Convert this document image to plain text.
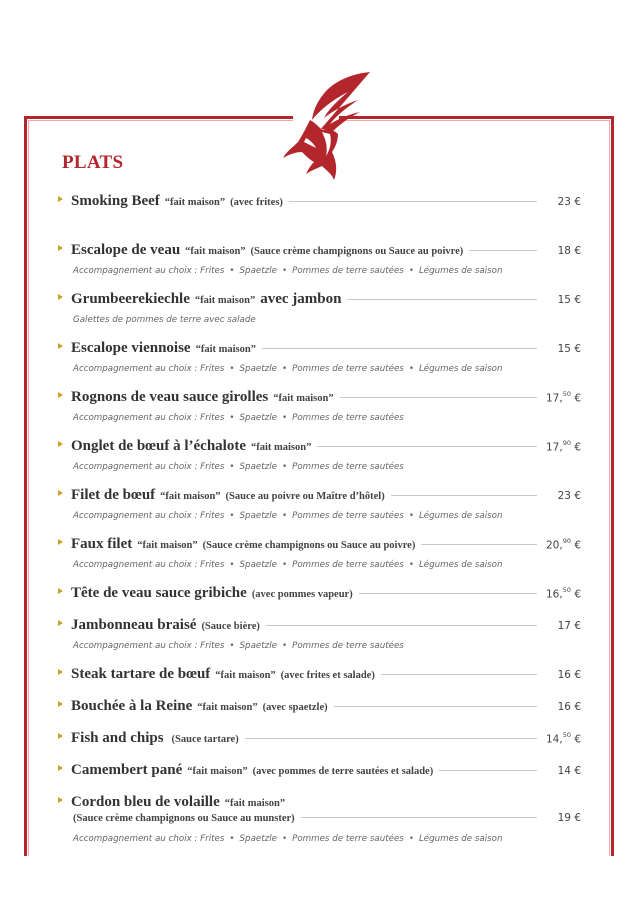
PLATS
Smoking Beef “fait maison” (avec frites)	23 €
Escalope de veau “fait maison” (Sauce crème champignons ou Sauce au poivre)	18 €
Accompagnement au choix : Frites • Spaetzle • Pommes de terre sautées • Légumes de saison
Grumbeerekiechle “fait maison” avec jambon	15 €
Galettes de pommes de terre avec salade
Escalope viennoise “fait maison”	15 €
Accompagnement au choix : Frites • Spaetzle • Pommes de terre sautées • Légumes de saison
Rognons de veau sauce girolles “fait maison”	17,50 €
Accompagnement au choix : Frites • Spaetzle • Pommes de terre sautées
Onglet de bœuf à l’échalote “fait maison”	17,90 €
Accompagnement au choix : Frites • Spaetzle • Pommes de terre sautées
Filet de bœuf “fait maison” (Sauce au poivre ou Maître d’hôtel)	23 €
Accompagnement au choix : Frites • Spaetzle • Pommes de terre sautées • Légumes de saison
Faux filet “fait maison” (Sauce crème champignons ou Sauce au poivre)	20,90 €
Accompagnement au choix : Frites • Spaetzle • Pommes de terre sautées • Légumes de saison
Tête de veau sauce gribiche (avec pommes vapeur)	16,50 €
Jambonneau braisé (Sauce bière)	17 €
Accompagnement au choix : Frites • Spaetzle • Pommes de terre sautées
Steak tartare de bœuf “fait maison” (avec frites et salade)	16 €
Bouchée à la Reine “fait maison” (avec spaetzle)	16 €
Fish and chips (Sauce tartare)	14,50 €
Camembert pané “fait maison” (avec pommes de terre sautées et salade)	14 €
Cordon bleu de volaille “fait maison”
(Sauce crème champignons ou Sauce au munster)	19 €
Accompagnement au choix : Frites • Spaetzle • Pommes de terre sautées • Légumes de saison
